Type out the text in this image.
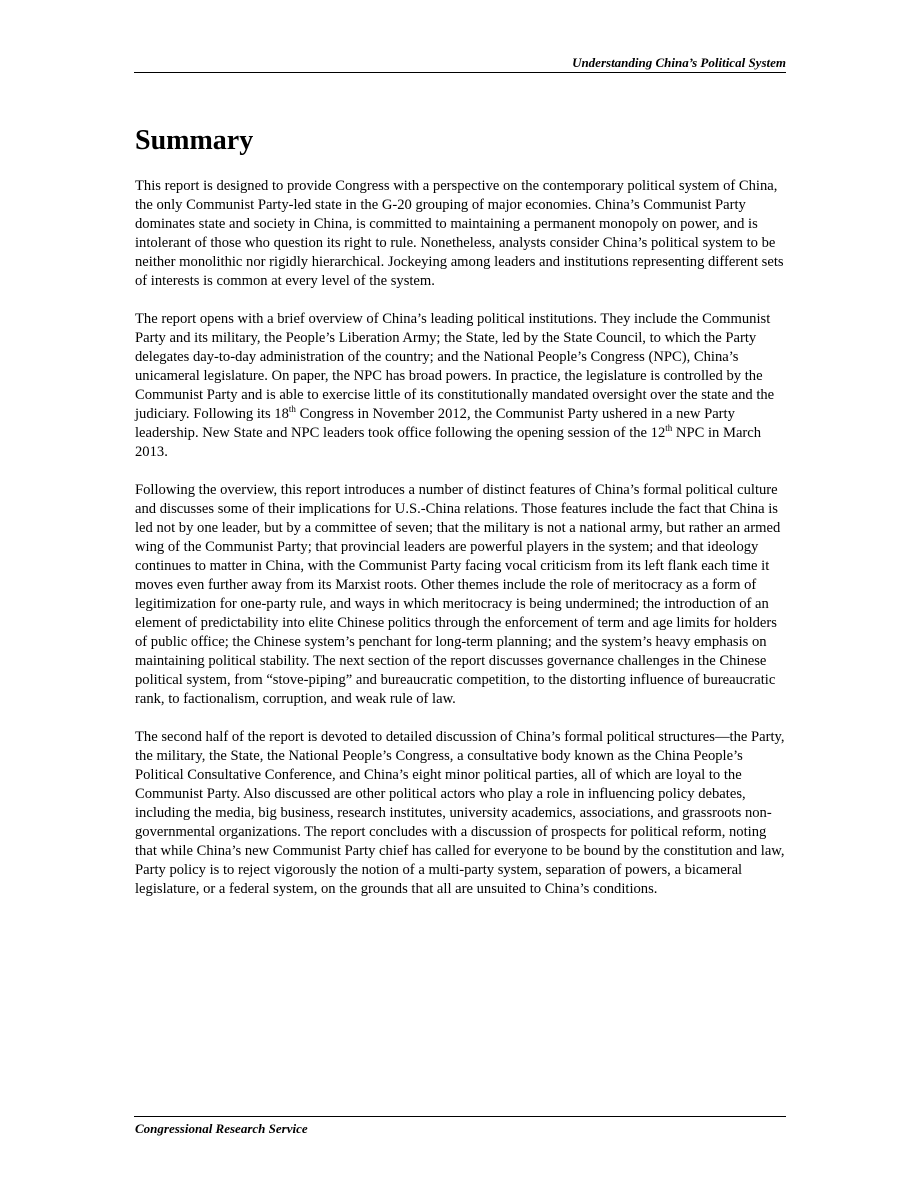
Understanding China’s Political System
Summary

This report is designed to provide Congress with a perspective on the contemporary political system of China, the only Communist Party-led state in the G-20 grouping of major economies. China’s Communist Party dominates state and society in China, is committed to maintaining a permanent monopoly on power, and is intolerant of those who question its right to rule. Nonetheless, analysts consider China’s political system to be neither monolithic nor rigidly hierarchical. Jockeying among leaders and institutions representing different sets of interests is common at every level of the system.

The report opens with a brief overview of China’s leading political institutions. They include the Communist Party and its military, the People’s Liberation Army; the State, led by the State Council, to which the Party delegates day-to-day administration of the country; and the National People’s Congress (NPC), China’s unicameral legislature. On paper, the NPC has broad powers. In practice, the legislature is controlled by the Communist Party and is able to exercise little of its constitutionally mandated oversight over the state and the judiciary. Following its 18th Congress in November 2012, the Communist Party ushered in a new Party leadership. New State and NPC leaders took office following the opening session of the 12th NPC in March 2013.

Following the overview, this report introduces a number of distinct features of China’s formal political culture and discusses some of their implications for U.S.-China relations. Those features include the fact that China is led not by one leader, but by a committee of seven; that the military is not a national army, but rather an armed wing of the Communist Party; that provincial leaders are powerful players in the system; and that ideology continues to matter in China, with the Communist Party facing vocal criticism from its left flank each time it moves even further away from its Marxist roots. Other themes include the role of meritocracy as a form of legitimization for one-party rule, and ways in which meritocracy is being undermined; the introduction of an element of predictability into elite Chinese politics through the enforcement of term and age limits for holders of public office; the Chinese system’s penchant for long-term planning; and the system’s heavy emphasis on maintaining political stability. The next section of the report discusses governance challenges in the Chinese political system, from “stove-piping” and bureaucratic competition, to the distorting influence of bureaucratic rank, to factionalism, corruption, and weak rule of law.

The second half of the report is devoted to detailed discussion of China’s formal political structures—the Party, the military, the State, the National People’s Congress, a consultative body known as the China People’s Political Consultative Conference, and China’s eight minor political parties, all of which are loyal to the Communist Party. Also discussed are other political actors who play a role in influencing policy debates, including the media, big business, research institutes, university academics, associations, and grassroots non-governmental organizations. The report concludes with a discussion of prospects for political reform, noting that while China’s new Communist Party chief has called for everyone to be bound by the constitution and law, Party policy is to reject vigorously the notion of a multi-party system, separation of powers, a bicameral legislature, or a federal system, on the grounds that all are unsuited to China’s conditions.

Congressional Research Service
